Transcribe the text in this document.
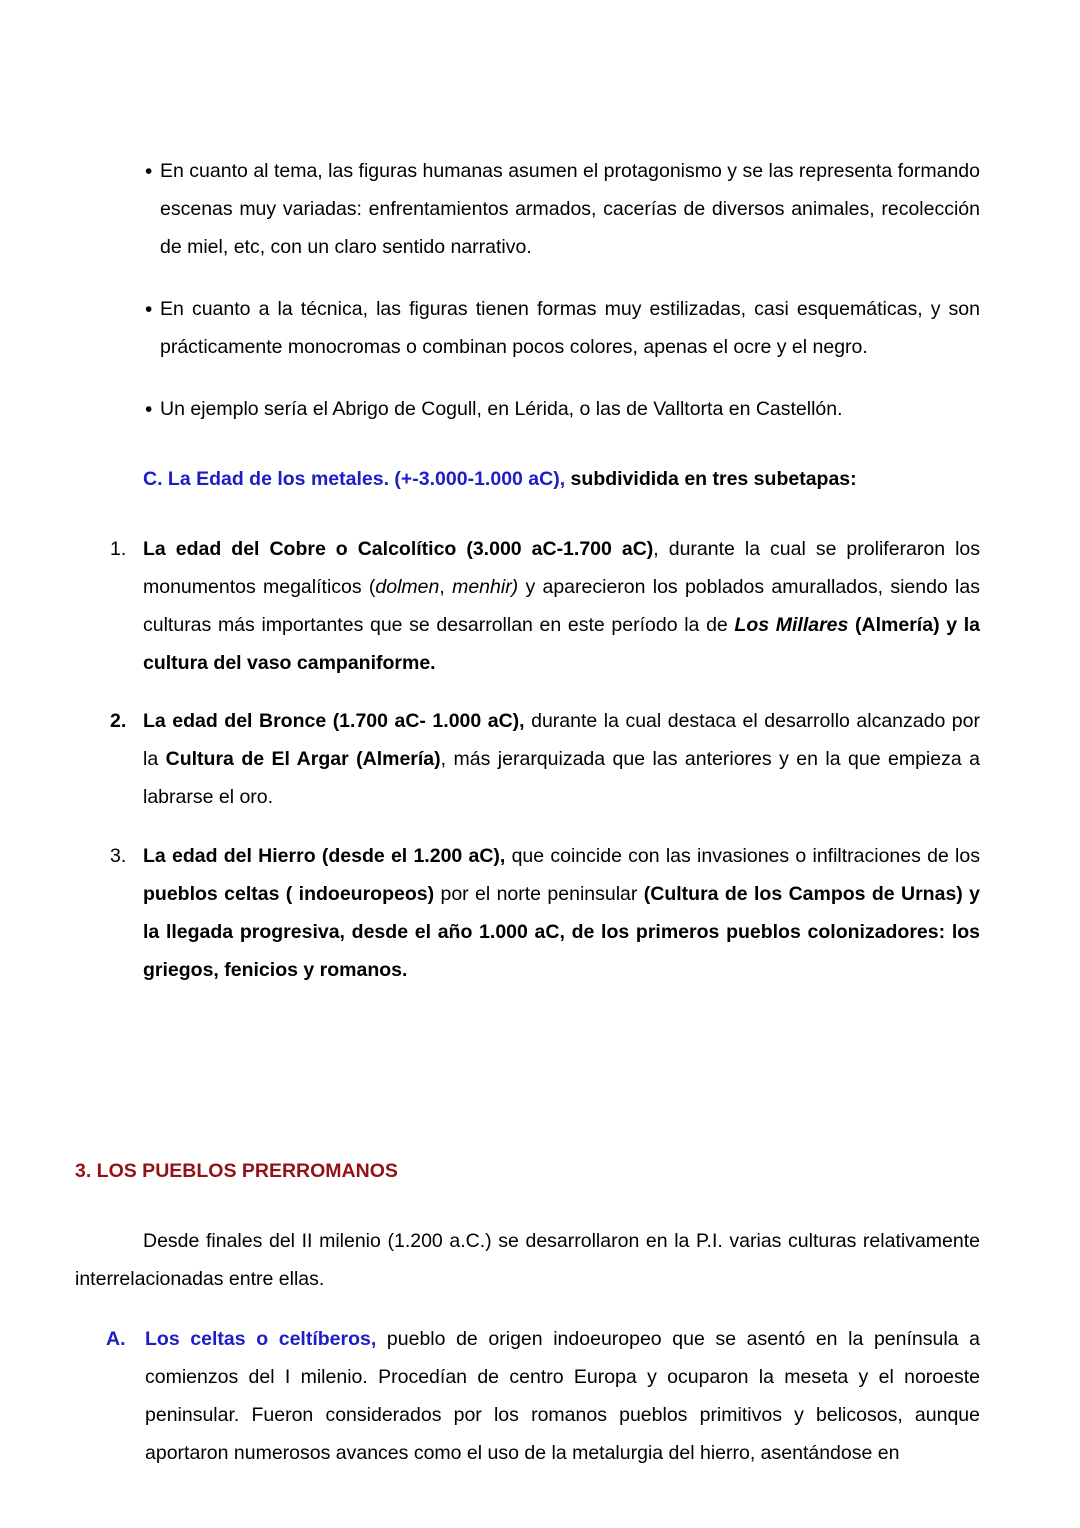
• En cuanto al tema, las figuras humanas asumen el protagonismo y se las representa formando escenas muy variadas: enfrentamientos armados, cacerías de diversos animales, recolección de miel, etc, con un claro sentido narrativo.
• En cuanto a la técnica, las figuras tienen formas muy estilizadas, casi esquemáticas, y son prácticamente monocromas o combinan pocos colores, apenas el ocre y el negro.
• Un ejemplo sería el Abrigo de Cogull, en Lérida, o las de Valltorta en Castellón.
C. La Edad de los metales. (+-3.000-1.000 aC), subdividida en tres subetapas:
1. La edad del Cobre o Calcolítico (3.000 aC-1.700 aC), durante la cual se proliferaron los monumentos megalíticos (dolmen, menhir) y aparecieron los poblados amurallados, siendo las culturas más importantes que se desarrollan en este período la de Los Millares (Almería) y la cultura del vaso campaniforme.
2. La edad del Bronce (1.700 aC- 1.000 aC), durante la cual destaca el desarrollo alcanzado por la Cultura de El Argar (Almería), más jerarquizada que las anteriores y en la que empieza a labrarse el oro.
3. La edad del Hierro (desde el 1.200 aC), que coincide con las invasiones o infiltraciones de los pueblos celtas ( indoeuropeos) por el norte peninsular (Cultura de los Campos de Urnas) y la llegada progresiva, desde el año 1.000 aC, de los primeros pueblos colonizadores: los griegos, fenicios y romanos.
3. LOS PUEBLOS PRERROMANOS
Desde finales del II milenio (1.200 a.C.) se desarrollaron en la P.I. varias culturas relativamente interrelacionadas entre ellas.
A. Los celtas o celtíberos, pueblo de origen indoeuropeo que se asentó en la península a comienzos del I milenio. Procedían de centro Europa y ocuparon la meseta y el noroeste peninsular. Fueron considerados por los romanos pueblos primitivos y belicosos, aunque aportaron numerosos avances como el uso de la metalurgia del hierro, asentándose en
